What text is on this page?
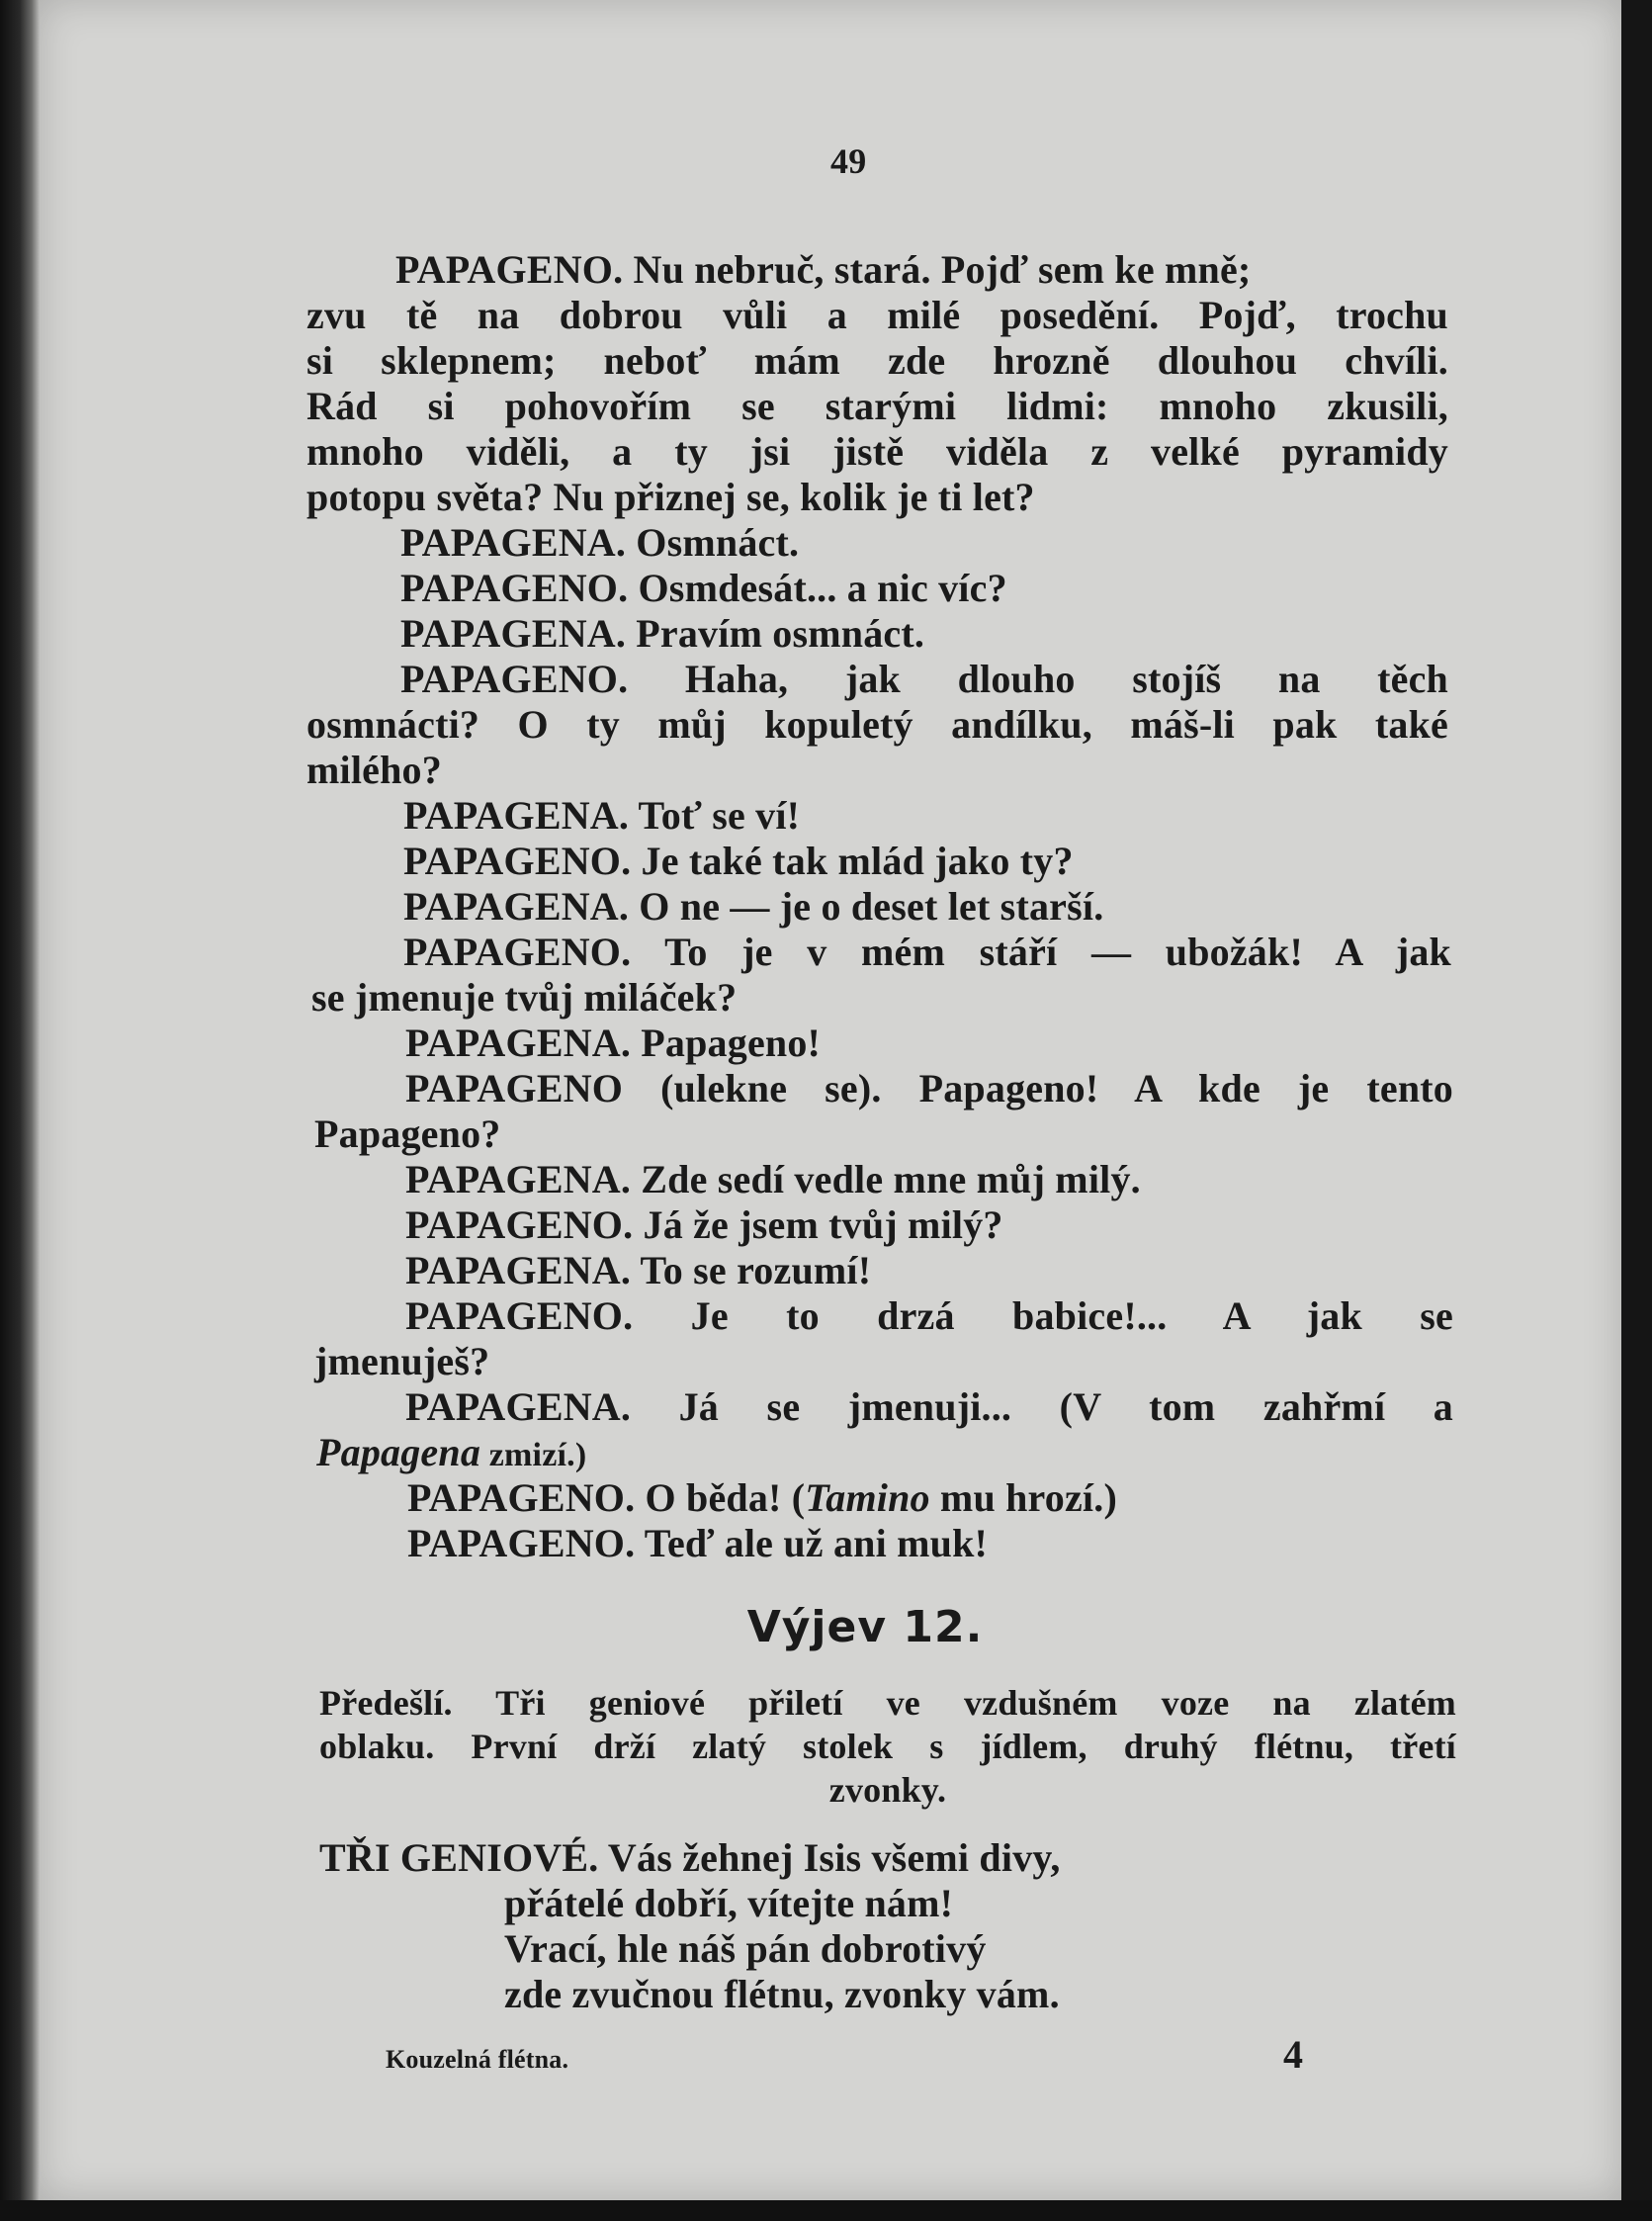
49
PAPAGENO. Nu nebruč, stará. Pojď sem ke mně;
zvu tě na dobrou vůli a milé posedění. Pojď, trochu
si sklepnem; neboť mám zde hrozně dlouhou chvíli.
Rád si pohovořím se starými lidmi: mnoho zkusili,
mnoho viděli, a ty jsi jistě viděla z velké pyramidy
potopu světa? Nu přiznej se, kolik je ti let?
PAPAGENA. Osmnáct.
PAPAGENO. Osmdesát... a nic víc?
PAPAGENA. Pravím osmnáct.
PAPAGENO. Haha, jak dlouho stojíš na těch
osmnácti? O ty můj kopuletý andílku, máš-li pak také
milého?
PAPAGENA. Toť se ví!
PAPAGENO. Je také tak mlád jako ty?
PAPAGENA. O ne — je o deset let starší.
PAPAGENO. To je v mém stáří — ubožák! A jak
se jmenuje tvůj miláček?
PAPAGENA. Papageno!
PAPAGENO (ulekne se). Papageno! A kde je tento
Papageno?
PAPAGENA. Zde sedí vedle mne můj milý.
PAPAGENO. Já že jsem tvůj milý?
PAPAGENA. To se rozumí!
PAPAGENO. Je to drzá babice!... A jak se
jmenuješ?
PAPAGENA. Já se jmenuji... (V tom zahřmí a
Papagena zmizí.)
PAPAGENO. O běda! (Tamino mu hrozí.)
PAPAGENO. Teď ale už ani muk!
Výjev 12.
Předešlí. Tři geniové přiletí ve vzdušném voze na zlatém
oblaku. První drží zlatý stolek s jídlem, druhý flétnu, třetí
zvonky.
TŘI GENIOVÉ. Vás žehnej Isis všemi divy,
přátelé dobří, vítejte nám!
Vrací, hle náš pán dobrotivý
zde zvučnou flétnu, zvonky vám.
Kouzelná flétna.	4
